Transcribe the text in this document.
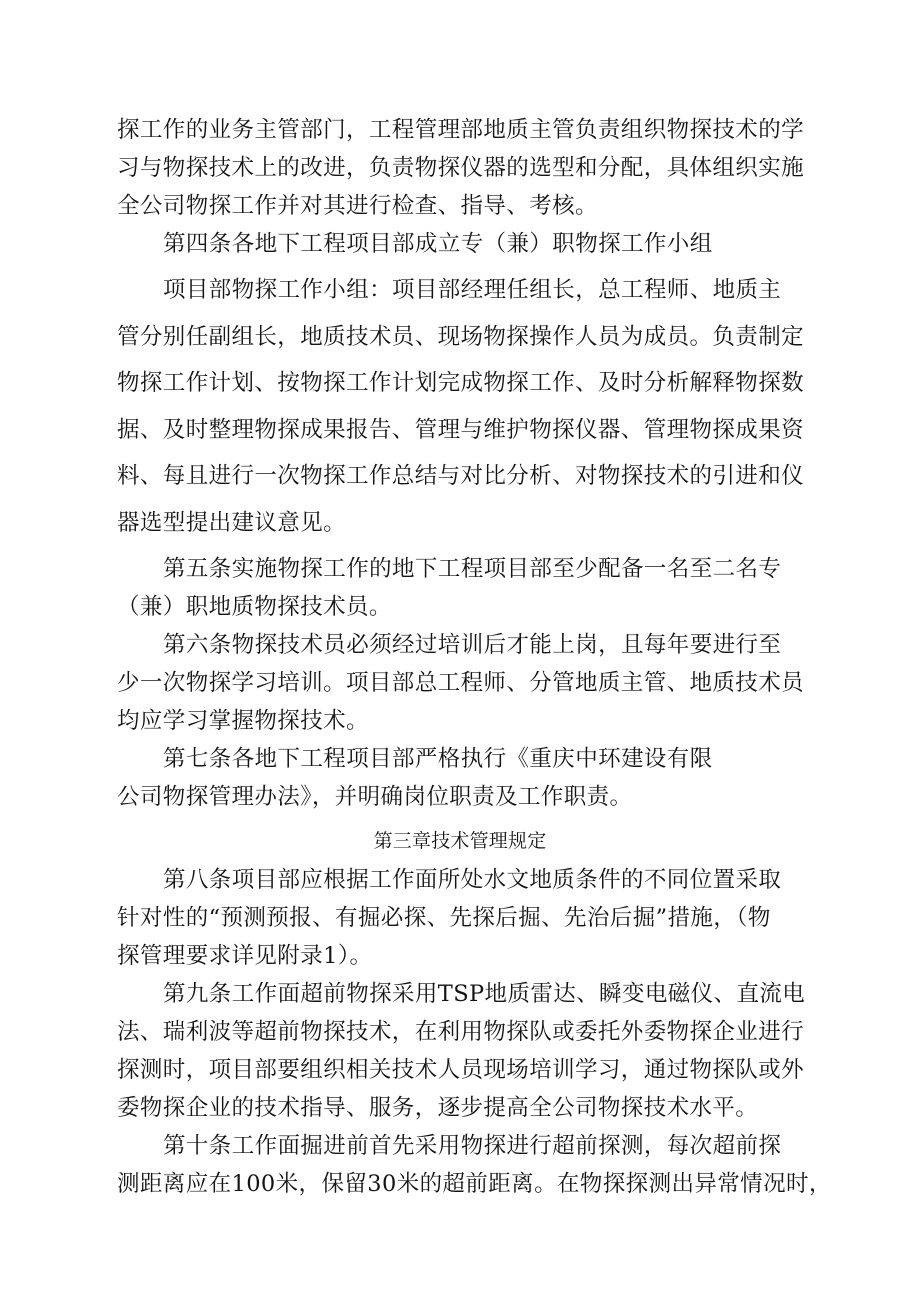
探工作的业务主管部门，工程管理部地质主管负责组织物探技术的学
习与物探技术上的改进，负责物探仪器的选型和分配，具体组织实施
全公司物探工作并对其进行检查、指导、考核。
第四条各地下工程项目部成立专（兼）职物探工作小组
项目部物探工作小组：项目部经理任组长，总工程师、地质主
管分别任副组长，地质技术员、现场物探操作人员为成员。负责制定
物探工作计划、按物探工作计划完成物探工作、及时分析解释物探数
据、及时整理物探成果报告、管理与维护物探仪器、管理物探成果资
料、每且进行一次物探工作总结与对比分析、对物探技术的引进和仪
器选型提出建议意见。
第五条实施物探工作的地下工程项目部至少配备一名至二名专
（兼）职地质物探技术员。
第六条物探技术员必须经过培训后才能上岗，且每年要进行至
少一次物探学习培训。项目部总工程师、分管地质主管、地质技术员
均应学习掌握物探技术。
第七条各地下工程项目部严格执行《重庆中环建设有限
公司物探管理办法》，并明确岗位职责及工作职责。
第三章技术管理规定
第八条项目部应根据工作面所处水文地质条件的不同位置采取
针对性的“预测预报、有掘必探、先探后掘、先治后掘”措施，（物
探管理要求详见附录1）。
第九条工作面超前物探采用TSP地质雷达、瞬变电磁仪、直流电
法、瑞利波等超前物探技术，在利用物探队或委托外委物探企业进行
探测时，项目部要组织相关技术人员现场培训学习，通过物探队或外
委物探企业的技术指导、服务，逐步提高全公司物探技术水平。
第十条工作面掘进前首先采用物探进行超前探测，每次超前探
测距离应在100米，保留30米的超前距离。在物探探测出异常情况时，
